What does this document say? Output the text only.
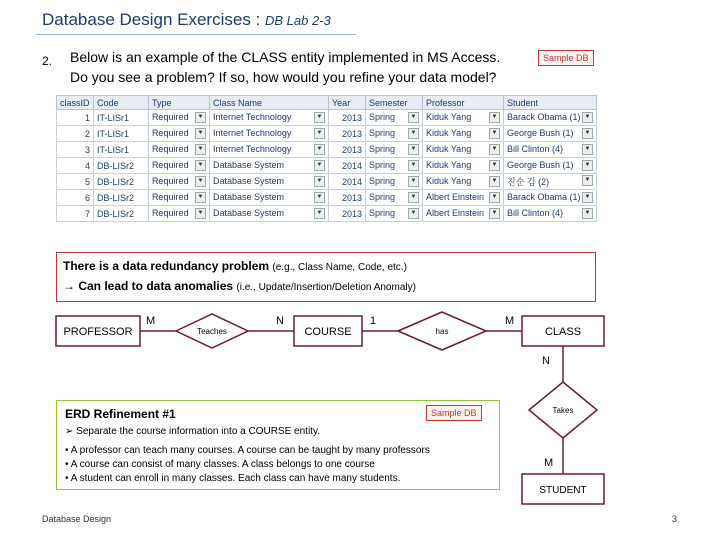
Database Design Exercises : DB Lab 2-3
2. Below is an example of the CLASS entity implemented in MS Access.
Do you see a problem? If so, how would you refine your data model?
Sample DB
classID	Code	Type	Class Name	Year	Semester	Professor	Student
1	IT-LISr1	Required ▼	Internet Technology ▼	2013	Spring ▼	Kiduk Yang ▼	Barack Obama (1) ▼

2	IT-LISr1	Required ▼	Internet Technology ▼	2013	Spring ▼	Kiduk Yang ▼	George Bush (1) ▼

3	IT-LISr1	Required ▼	Internet Technology ▼	2013	Spring ▼	Kiduk Yang ▼	Bill Clinton (4) ▼

4	DB-LISr2	Required ▼	Database System ▼	2014	Spring ▼	Kiduk Yang ▼	George Bush (1) ▼

5	DB-LISr2	Required ▼	Database System ▼	2014	Spring ▼	Kiduk Yang ▼	진순 김 (2) ▼

6	DB-LISr2	Required ▼	Database System ▼	2013	Spring ▼	Albert Einstein ▼	Barack Obama (1) ▼

7	DB-LISr2	Required ▼	Database System ▼	2013	Spring ▼	Albert Einstein ▼	Bill Clinton (4) ▼
There is a data redundancy problem (e.g., Class Name, Code, etc.)
→ Can lead to data anomalies (i.e., Update/Insertion/Deletion Anomaly)
PROFESSOR	COURSE	CLASS
STUDENT
Teaches	has
Takes
M	N	1	M
N
M
ERD Refinement #1
➢ Separate the course information into a COURSE entity.
• A professor can teach many courses. A course can be taught by many professors
• A course can consist of many classes. A class belongs to one course
• A student can enroll in many classes. Each class can have many students.
Sample DB
Database Design	3
